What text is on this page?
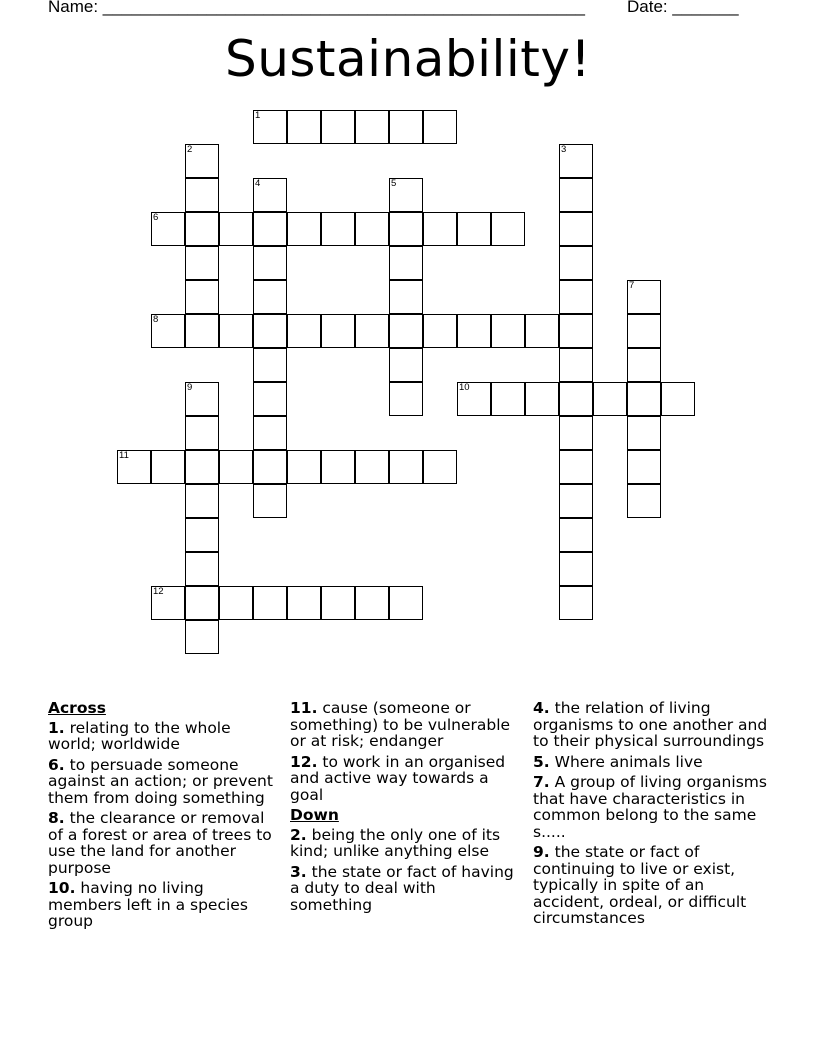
Name: ___________________________________________________ Date: _______
Sustainability!
1
2	3
4	5
6
7
8
9	10
11
12
Across
1. relating to the whole world; worldwide
6. to persuade someone against an action; or prevent them from doing something
8. the clearance or removal of a forest or area of trees to use the land for another purpose
10. having no living members left in a species group
11. cause (someone or something) to be vulnerable or at risk; endanger
12. to work in an organised and active way towards a goal
Down
2. being the only one of its kind; unlike anything else
3. the state or fact of having a duty to deal with something
4. the relation of living organisms to one another and to their physical surroundings
5. Where animals live
7. A group of living organisms that have characteristics in common belong to the same s.....
9. the state or fact of continuing to live or exist, typically in spite of an accident, ordeal, or difficult circumstances
